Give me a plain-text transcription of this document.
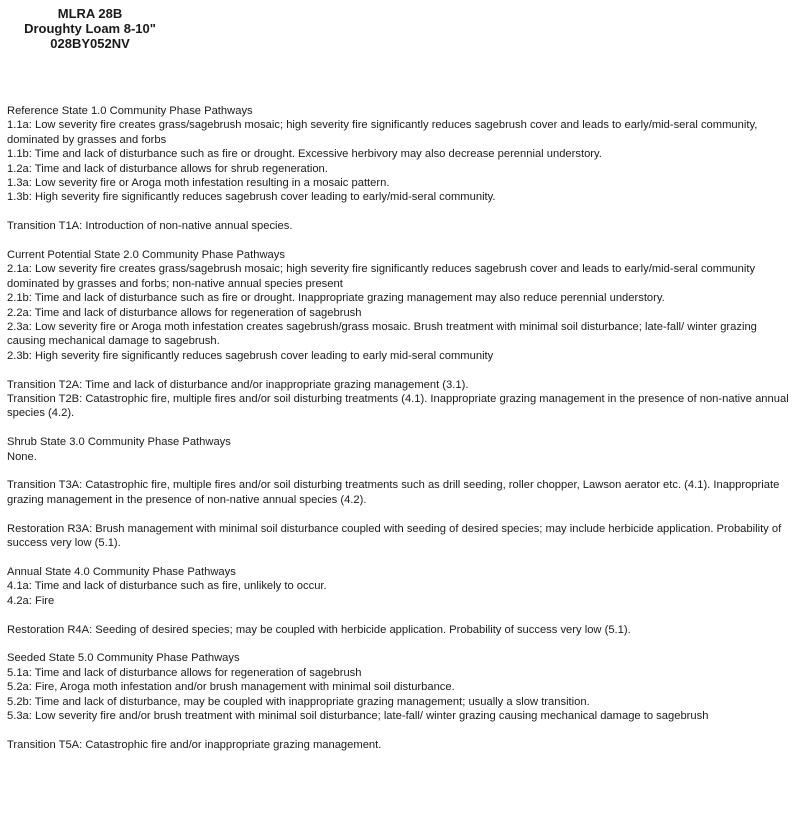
MLRA 28B
Droughty Loam 8-10"
028BY052NV
Reference State 1.0 Community Phase Pathways
1.1a: Low severity fire creates grass/sagebrush mosaic; high severity fire significantly reduces sagebrush cover and leads to early/mid-seral community, dominated by grasses and forbs
1.1b: Time and lack of disturbance such as fire or drought. Excessive herbivory may also decrease perennial understory.
1.2a: Time and lack of disturbance allows for shrub regeneration.
1.3a: Low severity fire or Aroga moth infestation resulting in a mosaic pattern.
1.3b: High severity fire significantly reduces sagebrush cover leading to early/mid-seral community.
Transition T1A: Introduction of non-native annual species.
Current Potential State 2.0 Community Phase Pathways
2.1a: Low severity fire creates grass/sagebrush mosaic; high severity fire significantly reduces sagebrush cover and leads to early/mid-seral community dominated by grasses and forbs; non-native annual species present
2.1b: Time and lack of disturbance such as fire or drought. Inappropriate grazing management may also reduce perennial understory.
2.2a: Time and lack of disturbance allows for regeneration of sagebrush
2.3a: Low severity fire or Aroga moth infestation creates sagebrush/grass mosaic. Brush treatment with minimal soil disturbance; late-fall/ winter grazing causing mechanical damage to sagebrush.
2.3b: High severity fire significantly reduces sagebrush cover leading to early mid-seral community
Transition T2A: Time and lack of disturbance and/or inappropriate grazing management (3.1).
Transition T2B: Catastrophic fire, multiple fires and/or soil disturbing treatments (4.1). Inappropriate grazing management in the presence of non-native annual species (4.2).
Shrub State 3.0 Community Phase Pathways
None.
Transition T3A: Catastrophic fire, multiple fires and/or soil disturbing treatments such as drill seeding, roller chopper, Lawson aerator etc. (4.1). Inappropriate grazing management in the presence of non-native annual species (4.2).
Restoration R3A: Brush management with minimal soil disturbance coupled with seeding of desired species; may include herbicide application. Probability of success very low (5.1).
Annual State 4.0 Community Phase Pathways
4.1a: Time and lack of disturbance such as fire, unlikely to occur.
4.2a: Fire
Restoration R4A: Seeding of desired species; may be coupled with herbicide application. Probability of success very low (5.1).
Seeded State 5.0 Community Phase Pathways
5.1a: Time and lack of disturbance allows for regeneration of sagebrush
5.2a: Fire, Aroga moth infestation and/or brush management with minimal soil disturbance.
5.2b: Time and lack of disturbance, may be coupled with inappropriate grazing management; usually a slow transition.
5.3a: Low severity fire and/or brush treatment with minimal soil disturbance; late-fall/ winter grazing causing mechanical damage to sagebrush
Transition T5A: Catastrophic fire and/or inappropriate grazing management.
